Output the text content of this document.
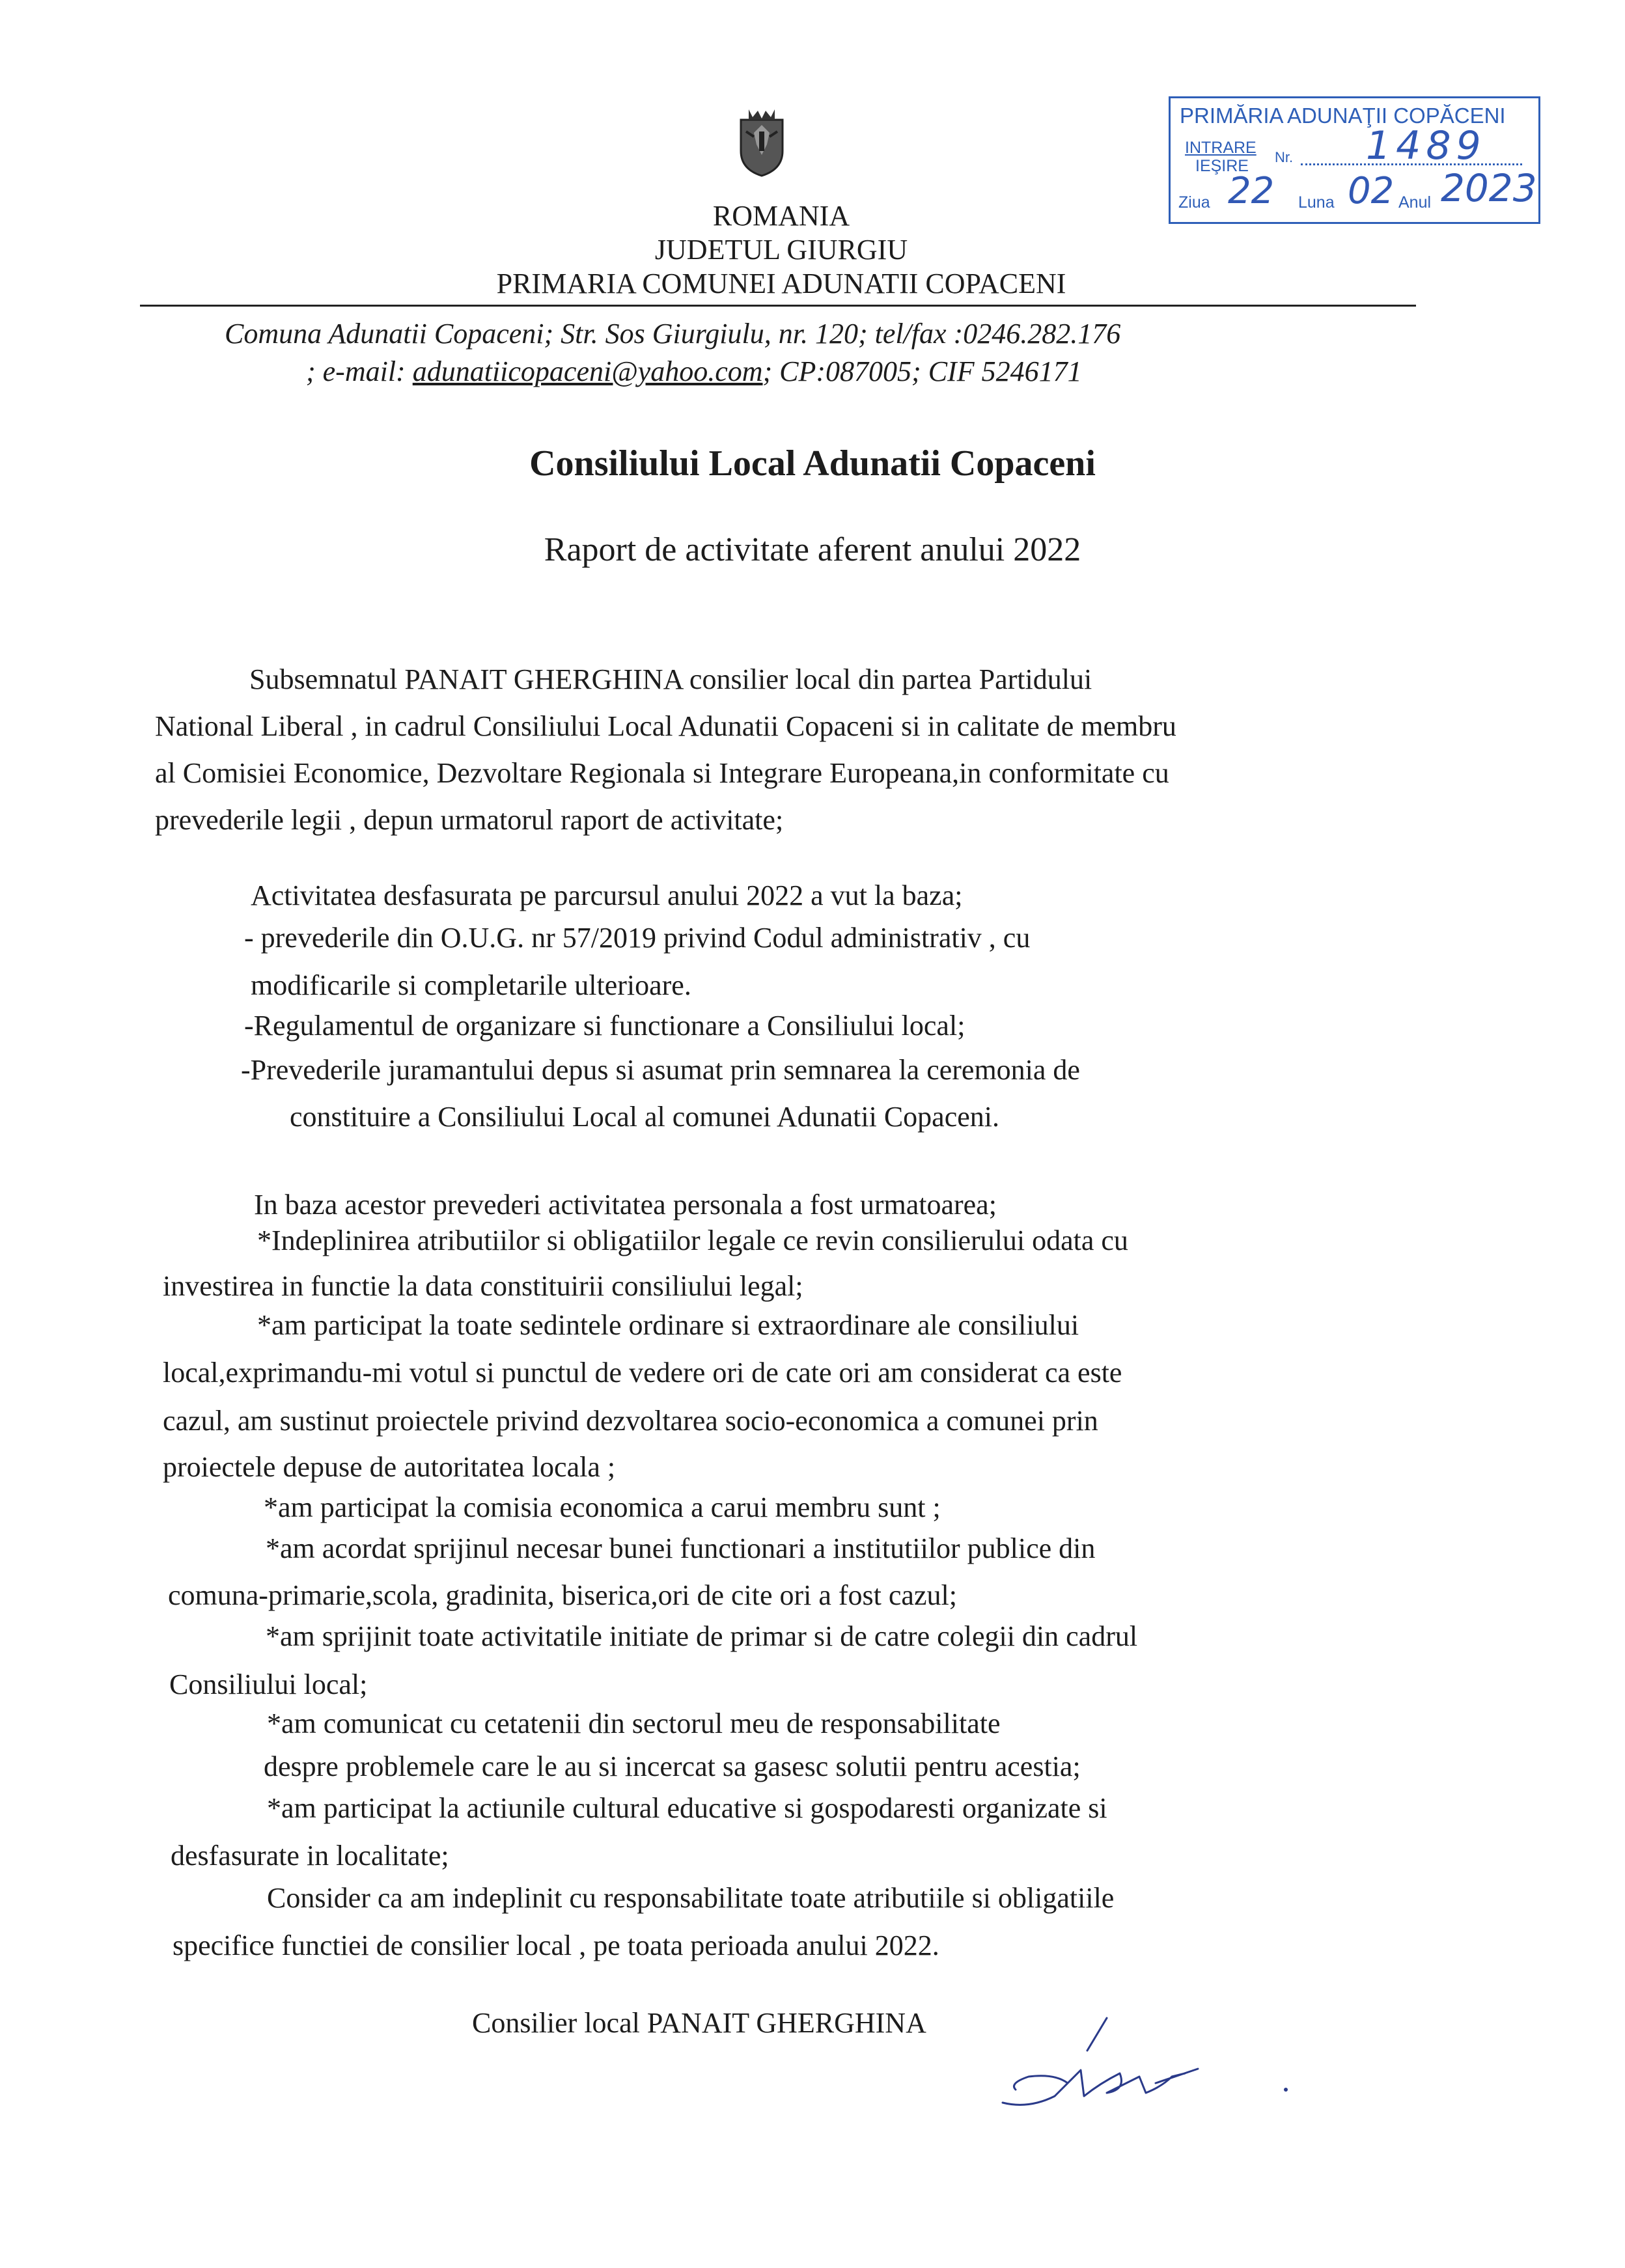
ROMANIA
JUDETUL GIURGIU
PRIMARIA COMUNEI ADUNATII COPACENI
Comuna Adunatii Copaceni; Str. Sos Giurgiulu, nr. 120; tel/fax :0246.282.176
; e-mail: adunatiicopaceni@yahoo.com; CP:087005; CIF 5246171
PRIMĂRIA ADUNAŢII COPĂCENI
INTRARE
IEŞIRE Nr. 1489
Ziua 22 Luna 02 Anul 2023
Consiliului Local Adunatii Copaceni
Raport de activitate aferent anului 2022
Subsemnatul PANAIT GHERGHINA consilier local din partea Partidului
National Liberal , in cadrul Consiliului Local Adunatii Copaceni si in calitate de membru
al Comisiei Economice, Dezvoltare Regionala si Integrare Europeana,in conformitate cu
prevederile legii , depun urmatorul raport de activitate;
Activitatea desfasurata pe parcursul anului 2022 a vut la baza;
- prevederile din O.U.G. nr 57/2019 privind Codul administrativ , cu
modificarile si completarile ulterioare.
-Regulamentul de organizare si functionare a Consiliului local;
-Prevederile juramantului depus si asumat prin semnarea la ceremonia de
constituire a Consiliului Local al comunei Adunatii Copaceni.
In baza acestor prevederi activitatea personala a fost urmatoarea;
*Indeplinirea atributiilor si obligatiilor legale ce revin consilierului odata cu
investirea in functie la data constituirii consiliului legal;
*am participat la toate sedintele ordinare si extraordinare ale consiliului
local,exprimandu-mi votul si punctul de vedere ori de cate ori am considerat ca este
cazul, am sustinut proiectele privind dezvoltarea socio-economica a comunei prin
proiectele depuse de autoritatea locala ;
*am participat la comisia economica a carui membru sunt ;
*am acordat sprijinul necesar bunei functionari a institutiilor publice din
comuna-primarie,scola, gradinita, biserica,ori de cite ori a fost cazul;
*am sprijinit toate activitatile initiate de primar si de catre colegii din cadrul
Consiliului local;
*am comunicat cu cetatenii din sectorul meu de responsabilitate
despre problemele care le au si incercat sa gasesc solutii pentru acestia;
*am participat la actiunile cultural educative si gospodaresti organizate si
desfasurate in localitate;
Consider ca am indeplinit cu responsabilitate toate atributiile si obligatiile
specifice functiei de consilier local , pe toata perioada anului 2022.
Consilier local PANAIT GHERGHINA
